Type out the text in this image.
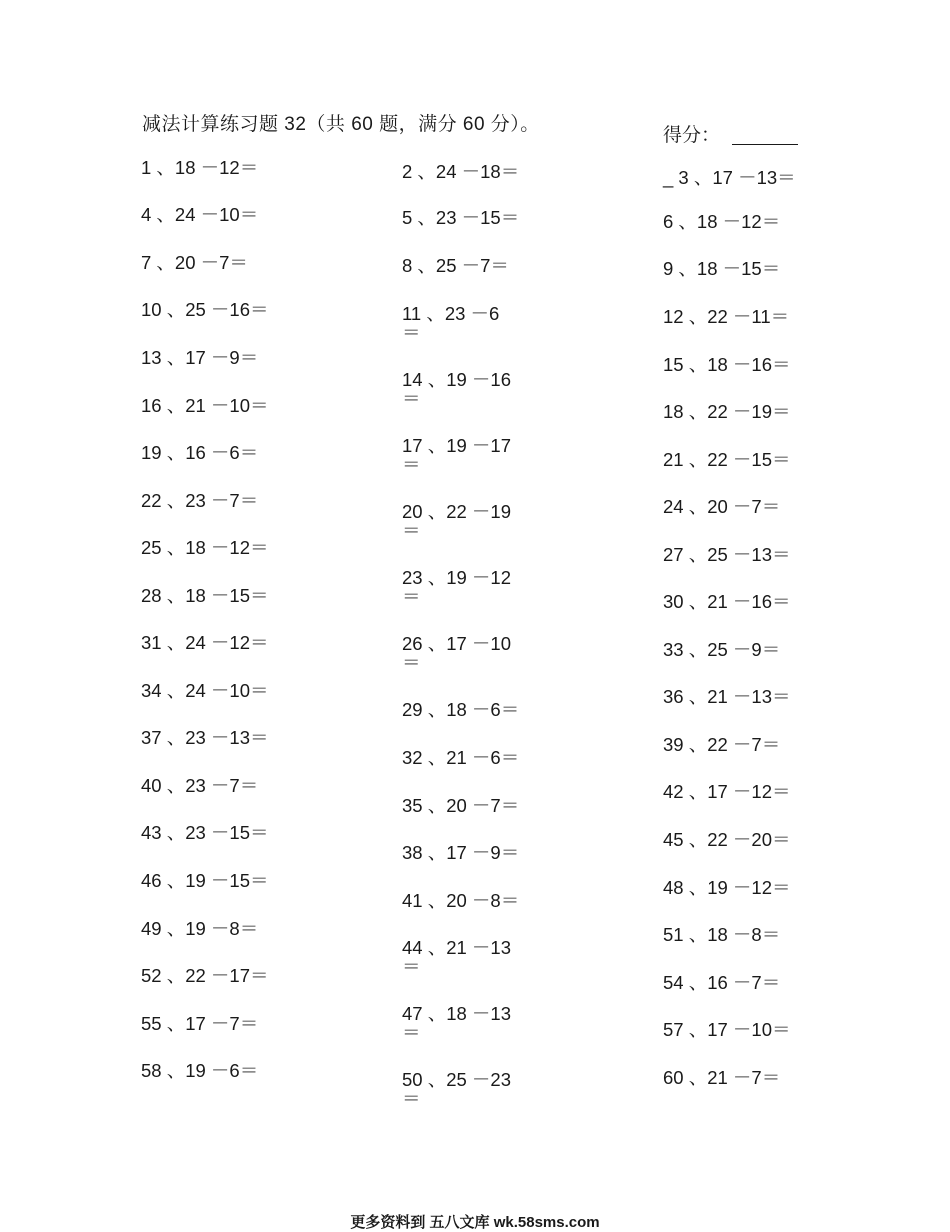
减法计算练习题 32（共 60 题，满分 60 分）。
得分：
1 、18 －12＝
4 、24 －10＝
7 、20 －7＝
10 、25 －16＝
13 、17 －9＝
16 、21 －10＝
19 、16 －6＝
22 、23 －7＝
25 、18 －12＝
28 、18 －15＝
31 、24 －12＝
34 、24 －10＝
37 、23 －13＝
40 、23 －7＝
43 、23 －15＝
46 、19 －15＝
49 、19 －8＝
52 、22 －17＝
55 、17 －7＝
58 、19 －6＝
2 、24 －18＝
5 、23 －15＝
8 、25 －7＝
11 、23 －6 ＝
14 、19 －16 ＝
17 、19 －17 ＝
20 、22 －19 ＝
23 、19 －12 ＝
26 、17 －10 ＝
29 、18 －6＝
32 、21 －6＝
35 、20 －7＝
38 、17 －9＝
41 、20 －8＝
44 、21 －13 ＝
47 、18 －13 ＝
50 、25 －23 ＝
_ 3 、17 －13＝
6 、18 －12＝
9 、18 －15＝
12 、22 －11＝
15 、18 －16＝
18 、22 －19＝
21 、22 －15＝
24 、20 －7＝
27 、25 －13＝
30 、21 －16＝
33 、25 －9＝
36 、21 －13＝
39 、22 －7＝
42 、17 －12＝
45 、22 －20＝
48 、19 －12＝
51 、18 －8＝
54 、16 －7＝
57 、17 －10＝
60 、21 －7＝
更多资料到 五八文库 wk.58sms.com
